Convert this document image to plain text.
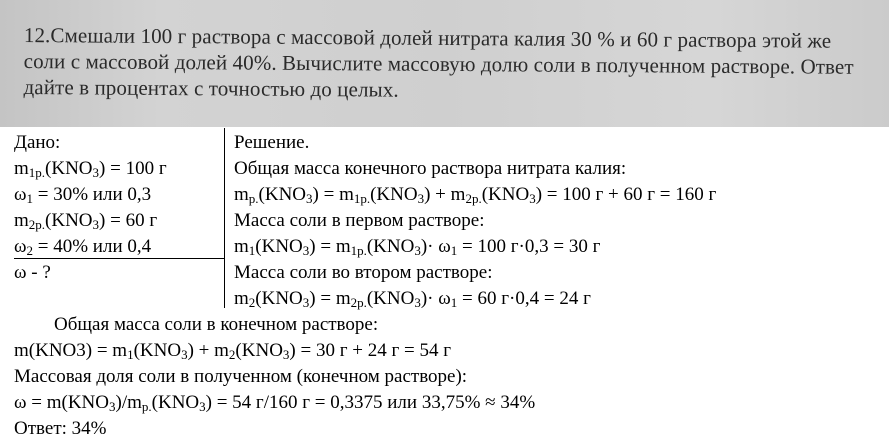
12.Смешали 100 г раствора с массовой долей нитрата калия 30 % и 60 г раствора этой же
соли с массовой долей 40%. Вычислите массовую долю соли в полученном растворе. Ответ
дайте в процентах с точностью до целых.
Дано:
$m_{1р.}(KNO_3) = 100$ г
$\omega_1 = 30\%$ или 0,3
$m_{2р.}(KNO_3) = 60$ г
$\omega_2 = 40\%$ или 0,4
ω - ?
Решение.
Общая масса конечного раствора нитрата калия:
$m_{р.}(KNO_3) = m_{1р.}(KNO_3) + m_{2р.}(KNO_3) = 100$ г + 60 г = 160 г
Масса соли в первом растворе:
$m_1(KNO_3) = m_{1р.}(KNO_3)\cdot \omega_1 = 100$ г·0,3 = 30 г
Масса соли во втором растворе:
$m_2(KNO_3) = m_{2р.}(KNO_3)\cdot \omega_1 = 60$ г·0,4 = 24 г
Общая масса соли в конечном растворе:
$m(KNO3) = m_1(KNO_3) + m_2(KNO_3) = 30$ г + 24 г = 54 г
Массовая доля соли в полученном (конечном растворе):
$\omega = m(KNO_3)/m_{р.}(KNO_3) = 54$ г/160 г = 0,3375 или 33,75% ≈ 34%
Ответ: 34%
